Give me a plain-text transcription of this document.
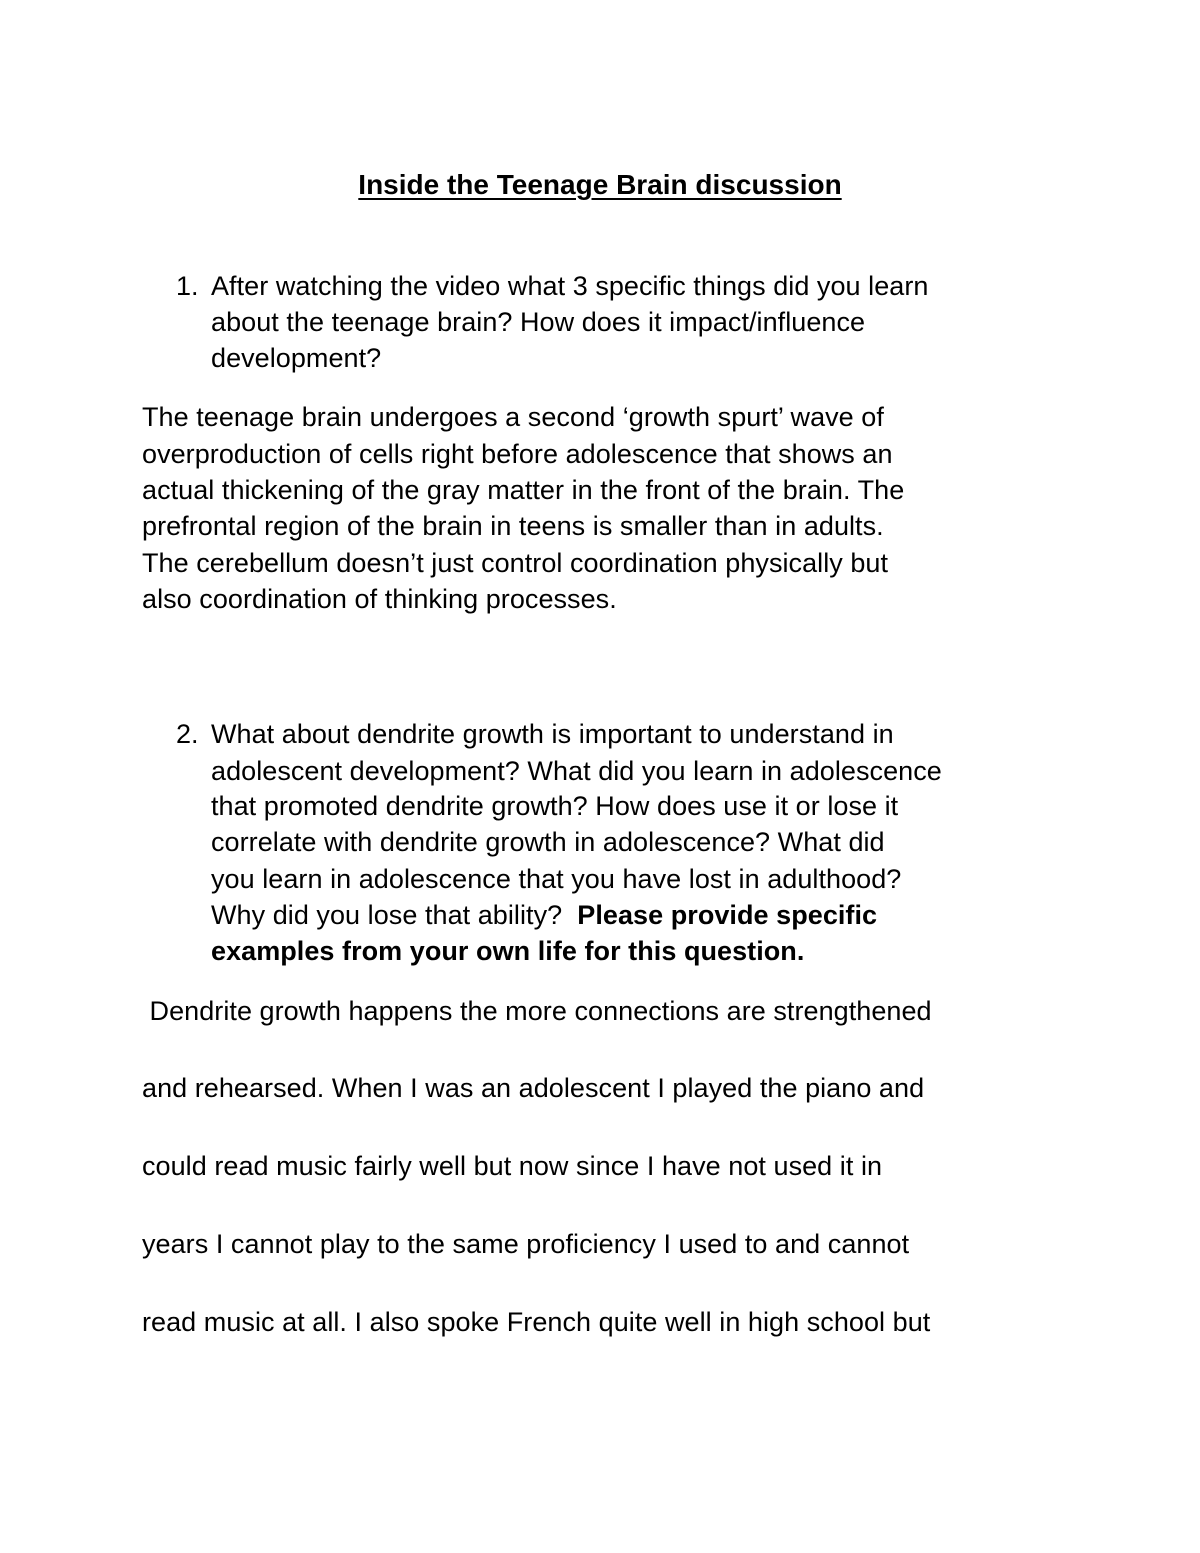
Inside the Teenage Brain discussion
1. After watching the video what 3 specific things did you learn
about the teenage brain? How does it impact/influence
development?
The teenage brain undergoes a second ‘growth spurt’ wave of
overproduction of cells right before adolescence that shows an
actual thickening of the gray matter in the front of the brain. The
prefrontal region of the brain in teens is smaller than in adults.
The cerebellum doesn’t just control coordination physically but
also coordination of thinking processes.
2. What about dendrite growth is important to understand in
adolescent development? What did you learn in adolescence
that promoted dendrite growth? How does use it or lose it
correlate with dendrite growth in adolescence? What did
you learn in adolescence that you have lost in adulthood?
Why did you lose that ability?  Please provide specific
examples from your own life for this question.
Dendrite growth happens the more connections are strengthened
and rehearsed. When I was an adolescent I played the piano and
could read music fairly well but now since I have not used it in
years I cannot play to the same proficiency I used to and cannot
read music at all. I also spoke French quite well in high school but
